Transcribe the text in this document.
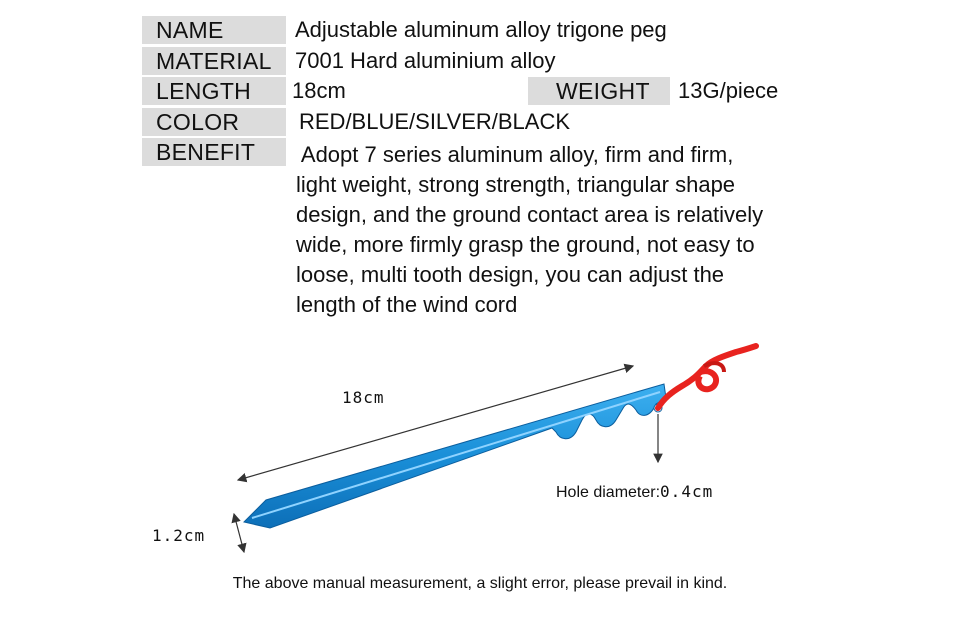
NAME	Adjustable aluminum alloy trigone peg
MATERIAL	7001 Hard aluminium alloy
LENGTH	18cm	WEIGHT	13G/piece
COLOR	RED/BLUE/SILVER/BLACK
BENEFIT	Adopt 7 series aluminum alloy, firm and firm,
light weight, strong strength, triangular shape
design, and the ground contact area is relatively
wide, more firmly grasp the ground, not easy to
loose, multi tooth design, you can adjust the
length of the wind cord
18cm
1.2cm
Hole diameter:0.4cm
The above manual measurement, a slight error, please prevail in kind.
